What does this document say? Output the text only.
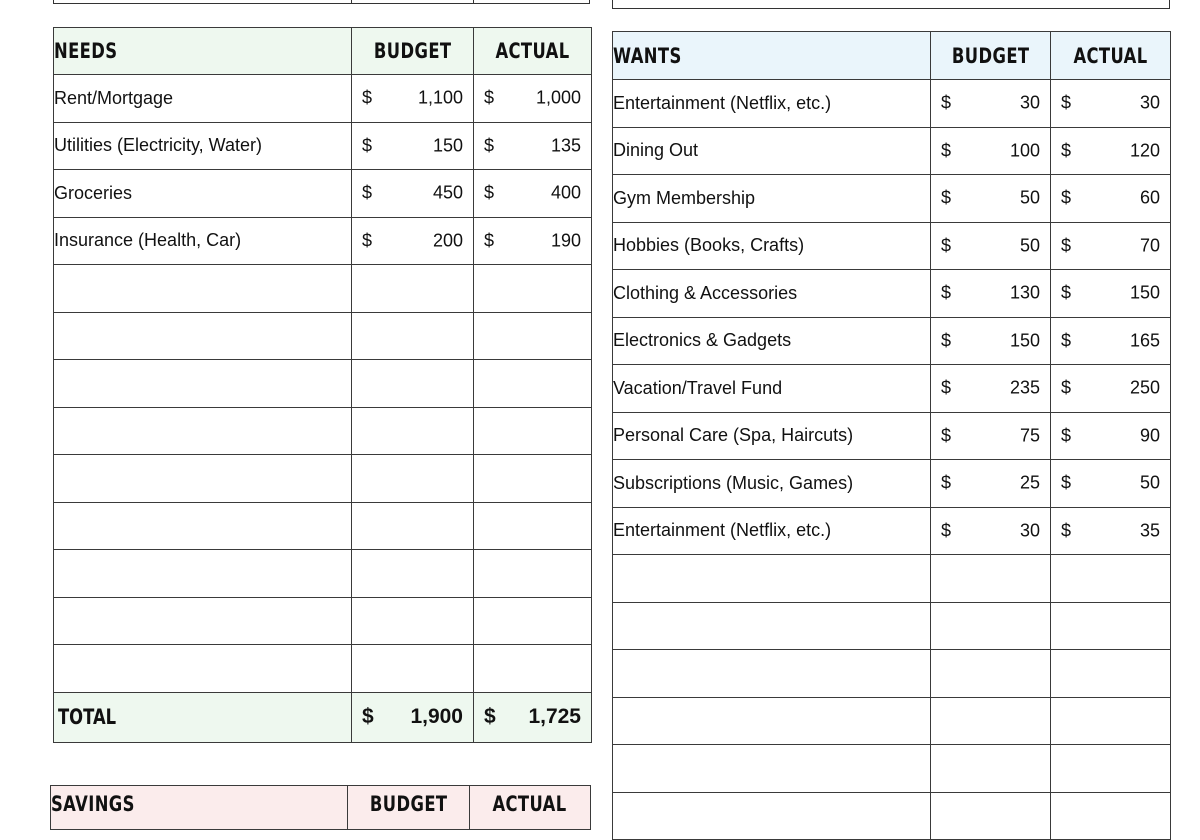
NEEDS	BUDGET	ACTUAL
Rent/Mortgage	$ 1,100	$ 1,000

Utilities (Electricity, Water)	$ 150	$ 135

Groceries	$ 450	$ 400

Insurance (Health, Car)	$ 200	$ 190

TOTAL	$ 1,900	$ 1,725
WANTS	BUDGET	ACTUAL
Entertainment (Netflix, etc.)	$ 30	$ 30

Dining Out	$ 100	$ 120

Gym Membership	$ 50	$ 60

Hobbies (Books, Crafts)	$ 50	$ 70

Clothing & Accessories	$ 130	$ 150

Electronics & Gadgets	$ 150	$ 165

Vacation/Travel Fund	$ 235	$ 250

Personal Care (Spa, Haircuts)	$ 75	$ 90

Subscriptions (Music, Games)	$ 25	$ 50

Entertainment (Netflix, etc.)	$ 30	$ 35

SAVINGS	BUDGET	ACTUAL
